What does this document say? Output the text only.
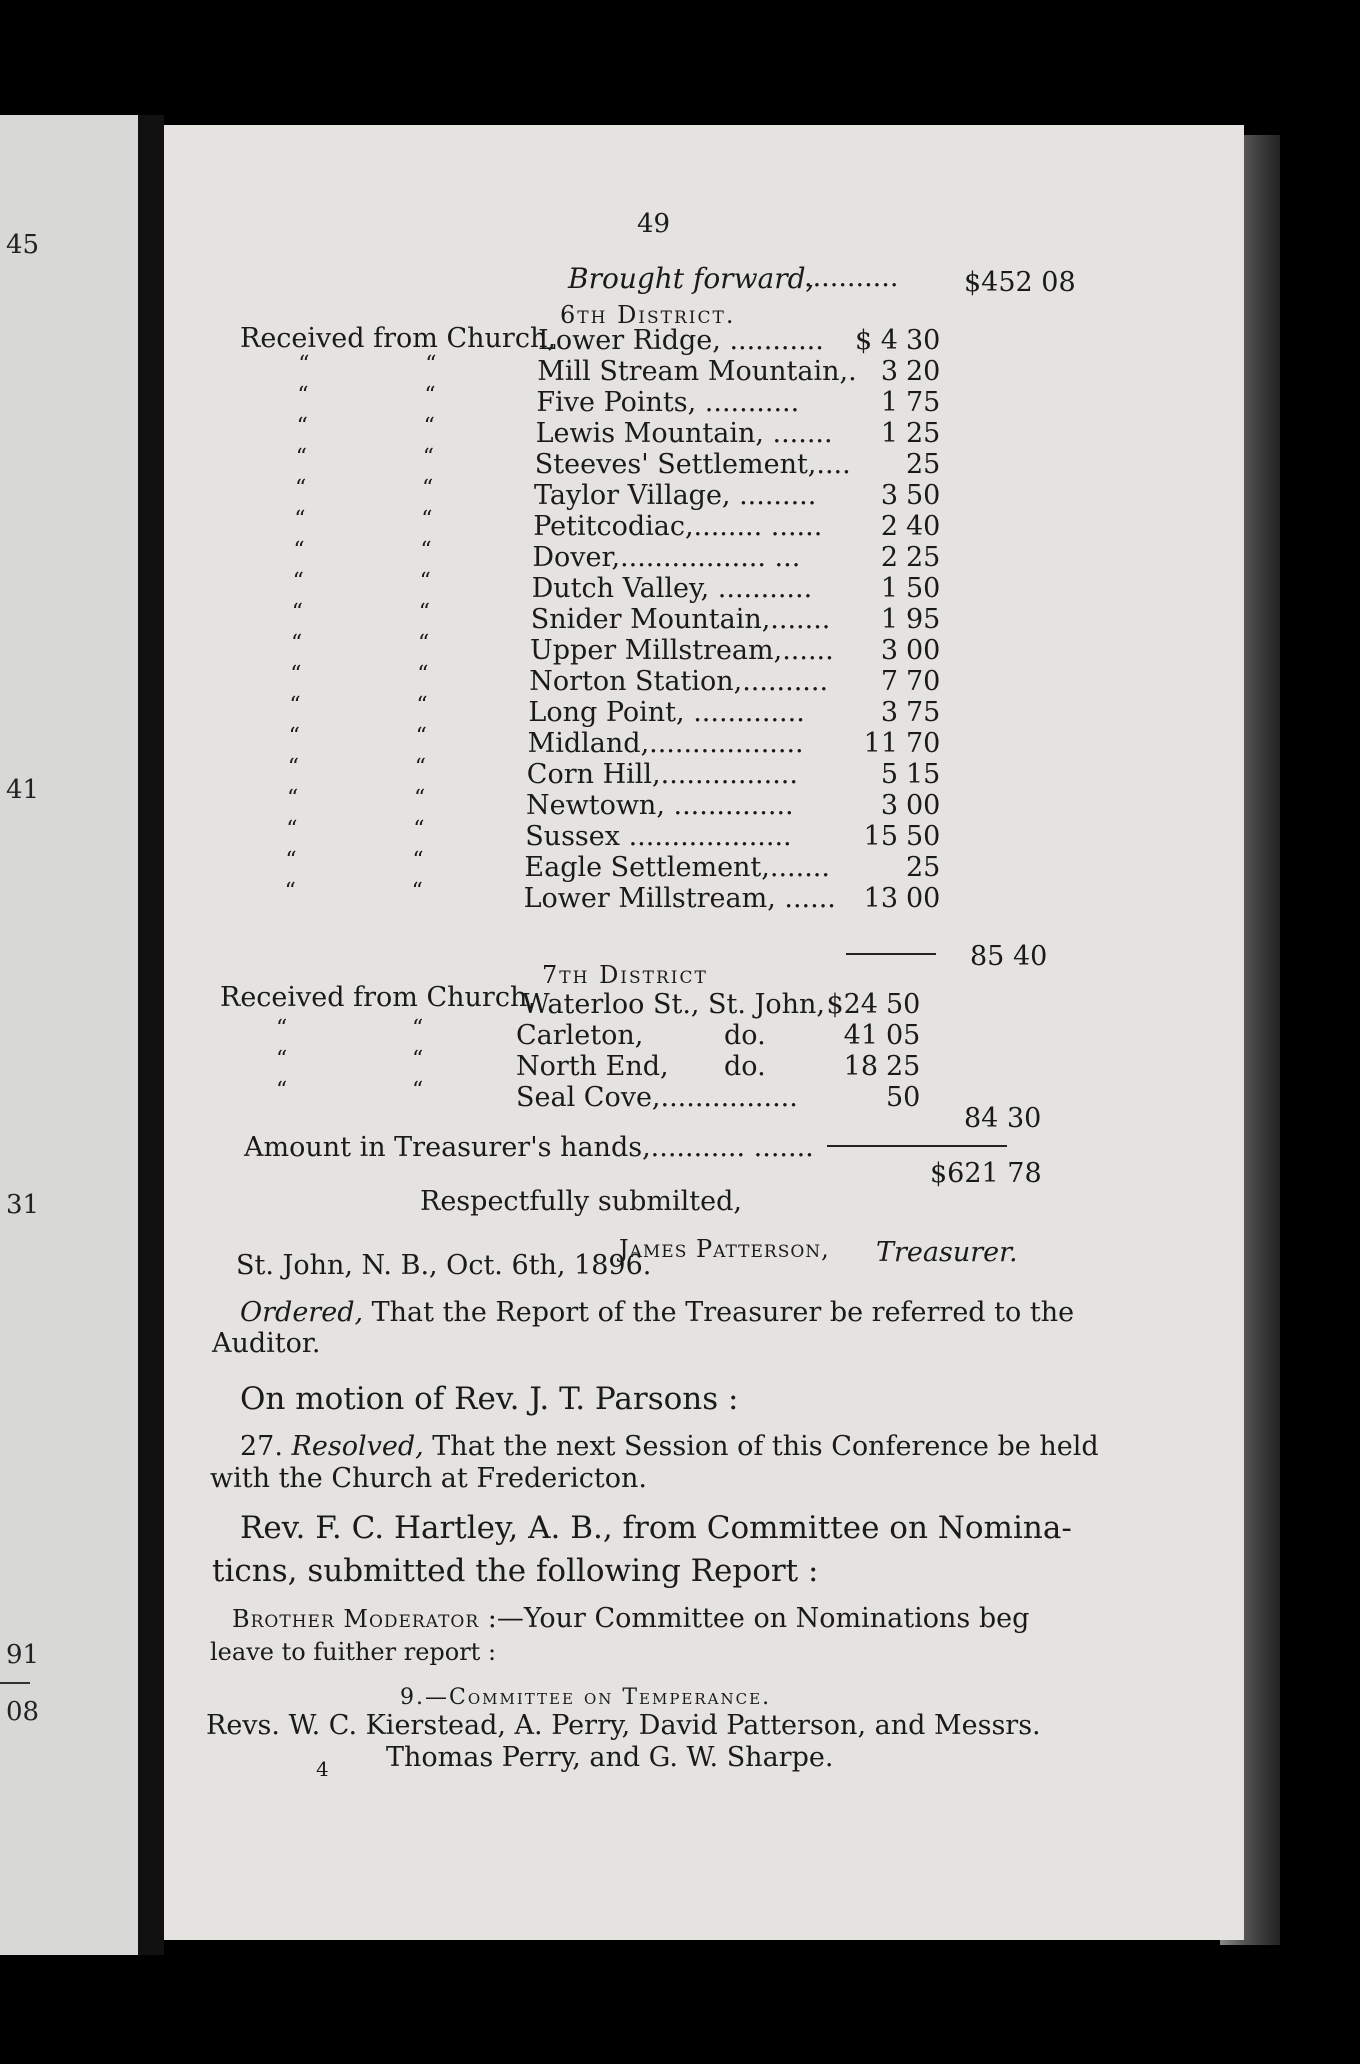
45
41
31
91
08
49
Brought forward,
........... $452 08
6th District.
Received from Church,
Lower Ridge, ...........	$ 4 30
“	“	Mill Stream Mountain,. 3 20
“	“	Five Points, ...........	1 75
“	“	Lewis Mountain, .......	1 25
“	“	Steeves' Settlement,.... 25
“	“	Taylor Village, .........	3 50
“	“	Petitcodiac,........ ......	2 40
“	“	Dover,................. ...	2 25
“	“	Dutch Valley, ...........	1 50
“	“	Snider Mountain,.......	1 95
“	“	Upper Millstream,......	3 00
“	“	Norton Station,..........	7 70
“	“	Long Point, .............	3 75
“	“	Midland,..................	11 70
“	“	Corn Hill,................	5 15
“	“	Newtown, ..............	3 00
“	“	Sussex ...................	15 50
“	“	Eagle Settlement,.......	25
“	“	Lower Millstream, ......	13 00
85 40
7th District
Received from Church,
Waterloo St., St. John, $24 50
“	“	Carleton,	do.	41 05
“	“	North End, do.	18 25
“	“	Seal Cove,................	50
84 30
Amount in Treasurer's hands,........... .......
$621 78
Respectfully submilted,
James Patterson, Treasurer.
St. John, N. B., Oct. 6th, 1896.
Ordered, That the Report of the Treasurer be referred to the
Auditor.
On motion of Rev. J. T. Parsons :
27. Resolved, That the next Session of this Conference be held
with the Church at Fredericton.
Rev. F. C. Hartley, A. B., from Committee on Nomina-
ticns, submitted the following Report :
Brother Moderator :—Your Committee on Nominations beg
leave to fuither report :
9.—Committee on Temperance.
Revs. W. C. Kierstead, A. Perry, David Patterson, and Messrs.
Thomas Perry, and G. W. Sharpe.
4
